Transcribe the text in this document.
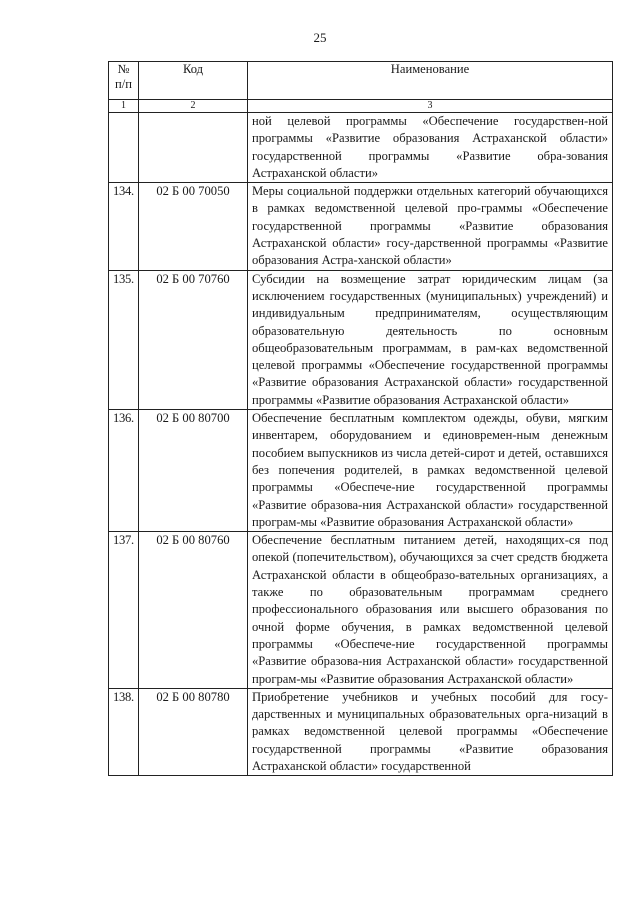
25
№
п/п	Код	Наименование
1	2	3
		ной целевой программы «Обеспечение государствен-ной программы «Развитие образования Астраханской области» государственной программы «Развитие обра-зования Астраханской области»
134.	02 Б 00 70050	Меры социальной поддержки отдельных категорий обучающихся в рамках ведомственной целевой про-граммы «Обеспечение государственной программы «Развитие образования Астраханской области» госу-дарственной программы «Развитие образования Астра-ханской области»
135.	02 Б 00 70760	Субсидии на возмещение затрат юридическим лицам (за исключением государственных (муниципальных) учреждений) и индивидуальным предпринимателям, осуществляющим образовательную деятельность по основным общеобразовательным программам, в рам-ках ведомственной целевой программы «Обеспечение государственной программы «Развитие образования Астраханской области» государственной программы «Развитие образования Астраханской области»
136.	02 Б 00 80700	Обеспечение бесплатным комплектом одежды, обуви, мягким инвентарем, оборудованием и единовремен-ным денежным пособием выпускников из числа детей-сирот и детей, оставшихся без попечения родителей, в рамках ведомственной целевой программы «Обеспече-ние государственной программы «Развитие образова-ния Астраханской области» государственной програм-мы «Развитие образования Астраханской области»
137.	02 Б 00 80760	Обеспечение бесплатным питанием детей, находящих-ся под опекой (попечительством), обучающихся за счет средств бюджета Астраханской области в общеобразо-вательных организациях, а также по образовательным программам среднего профессионального образования или высшего образования по очной форме обучения, в рамках ведомственной целевой программы «Обеспече-ние государственной программы «Развитие образова-ния Астраханской области» государственной програм-мы «Развитие образования Астраханской области»
138.	02 Б 00 80780	Приобретение учебников и учебных пособий для госу-дарственных и муниципальных образовательных орга-низаций в рамках ведомственной целевой программы «Обеспечение государственной программы «Развитие образования Астраханской области» государственной
